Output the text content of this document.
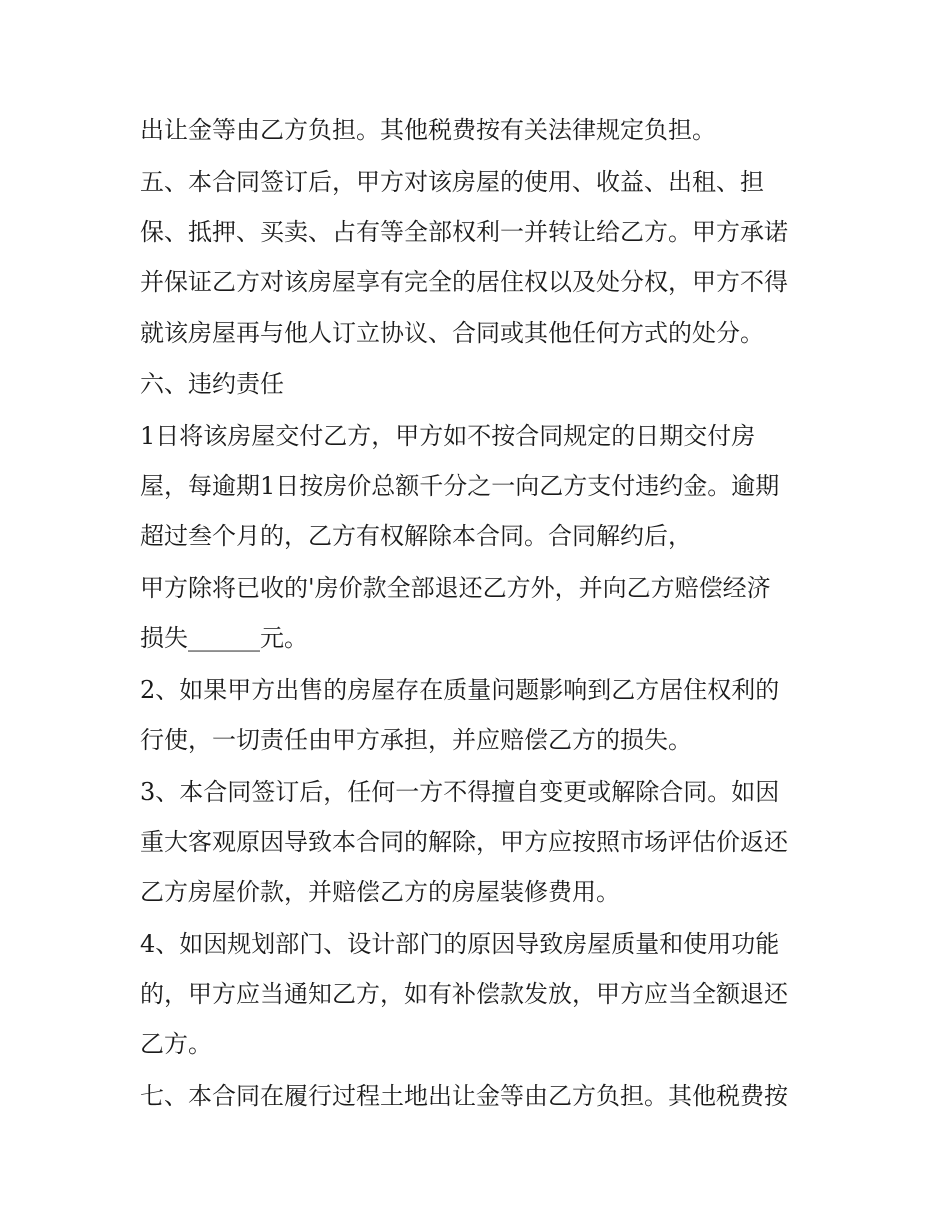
出让金等由乙方负担。其他税费按有关法律规定负担。
五、本合同签订后，甲方对该房屋的使用、收益、出租、担
保、抵押、买卖、占有等全部权利一并转让给乙方。甲方承诺
并保证乙方对该房屋享有完全的居住权以及处分权，甲方不得
就该房屋再与他人订立协议、合同或其他任何方式的处分。
六、违约责任
1日将该房屋交付乙方，甲方如不按合同规定的日期交付房
屋，每逾期1日按房价总额千分之一向乙方支付违约金。逾期
超过叁个月的，乙方有权解除本合同。合同解约后，
甲方除将已收的'房价款全部退还乙方外，并向乙方赔偿经济
损失______元。
2、如果甲方出售的房屋存在质量问题影响到乙方居住权利的
行使，一切责任由甲方承担，并应赔偿乙方的损失。
3、本合同签订后，任何一方不得擅自变更或解除合同。如因
重大客观原因导致本合同的解除，甲方应按照市场评估价返还
乙方房屋价款，并赔偿乙方的房屋装修费用。
4、如因规划部门、设计部门的原因导致房屋质量和使用功能
的，甲方应当通知乙方，如有补偿款发放，甲方应当全额退还
乙方。
七、本合同在履行过程土地出让金等由乙方负担。其他税费按
